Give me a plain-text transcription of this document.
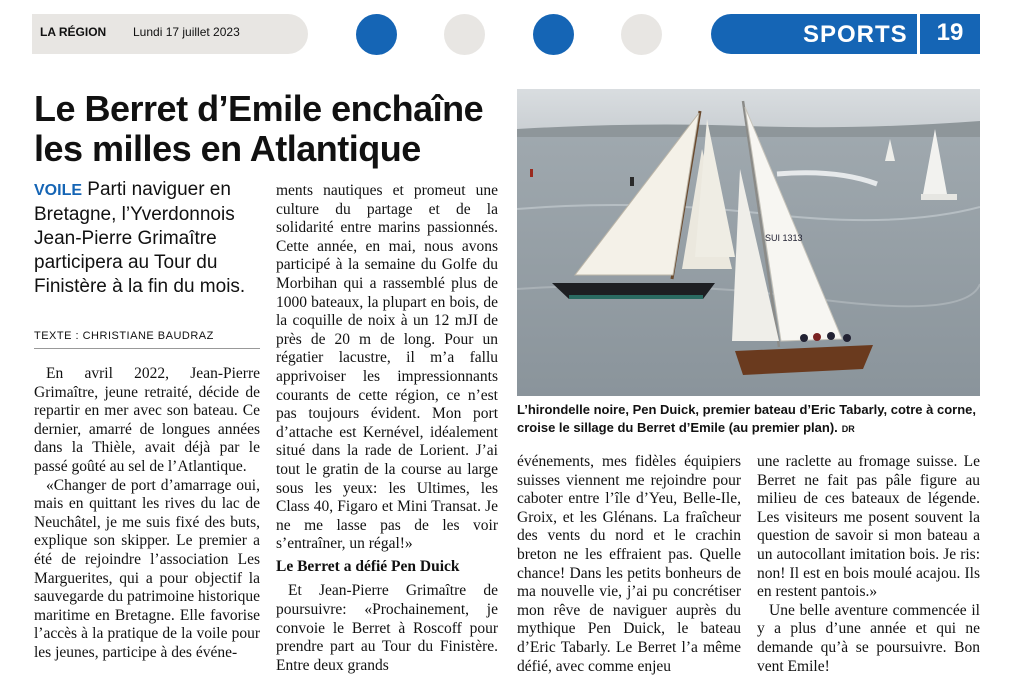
LA RÉGION Lundi 17 juillet 2023	SPORTS	19
Le Berret d’Emile enchaîne les milles en Atlantique
VOILE Parti naviguer en Bretagne, l’Yverdonnois Jean-Pierre Grimaître participera au Tour du Finistère à la fin du mois.
TEXTE : CHRISTIANE BAUDRAZ

En avril 2022, Jean-Pierre Grimaître, jeune retraité, décide de repartir en mer avec son bateau. Ce dernier, amarré de longues années dans la Thièle, avait déjà par le passé goûté au sel de l’Atlantique.

«Changer de port d’amarrage oui, mais en quittant les rives du lac de Neuchâtel, je me suis fixé des buts, explique son skipper. Le premier a été de rejoindre l’association Les Marguerites, qui a pour objectif la sauvegarde du patrimoine historique maritime en Bretagne. Elle favorise l’accès à la pratique de la voile pour les jeunes, participe à des événe-

ments nautiques et promeut une culture du partage et de la solidarité entre marins passionnés. Cette année, en mai, nous avons participé à la semaine du Golfe du Morbihan qui a rassemblé plus de 1000 bateaux, la plupart en bois, de la coquille de noix à un 12 mJI de près de 20 m de long. Pour un régatier lacustre, il m’a fallu apprivoiser les impressionnants courants de cette région, ce n’est pas toujours évident. Mon port d’attache est Kernével, idéalement situé dans la rade de Lorient. J’ai tout le gratin de la course au large sous les yeux: les Ultimes, les Class 40, Figaro et Mini Transat. Je ne me lasse pas de les voir s’entraîner, un régal!»

Le Berret a défié Pen Duick

Et Jean-Pierre Grimaître de poursuivre: «Prochainement, je convoie le Berret à Roscoff pour prendre part au Tour du Finistère. Entre deux grands

SUI 1313
L’hirondelle noire, Pen Duick, premier bateau d’Eric Tabarly, cotre à corne, croise le sillage du Berret d’Emile (au premier plan). DR

événements, mes fidèles équipiers suisses viennent me rejoindre pour caboter entre l’île d’Yeu, Belle-Ile, Groix, et les Glénans. La fraîcheur des vents du nord et le crachin breton ne les effraient pas. Quelle chance! Dans les petits bonheurs de ma nouvelle vie, j’ai pu concrétiser mon rêve de naviguer auprès du mythique Pen Duick, le bateau d’Eric Tabarly. Le Berret l’a même défié, avec comme enjeu

une raclette au fromage suisse. Le Berret ne fait pas pâle figure au milieu de ces bateaux de légende. Les visiteurs me posent souvent la question de savoir si mon bateau a un autocollant imitation bois. Je ris: non! Il est en bois moulé acajou. Ils en restent pantois.»

Une belle aventure commencée il y a plus d’une année et qui ne demande qu’à se poursuivre. Bon vent Emile!
